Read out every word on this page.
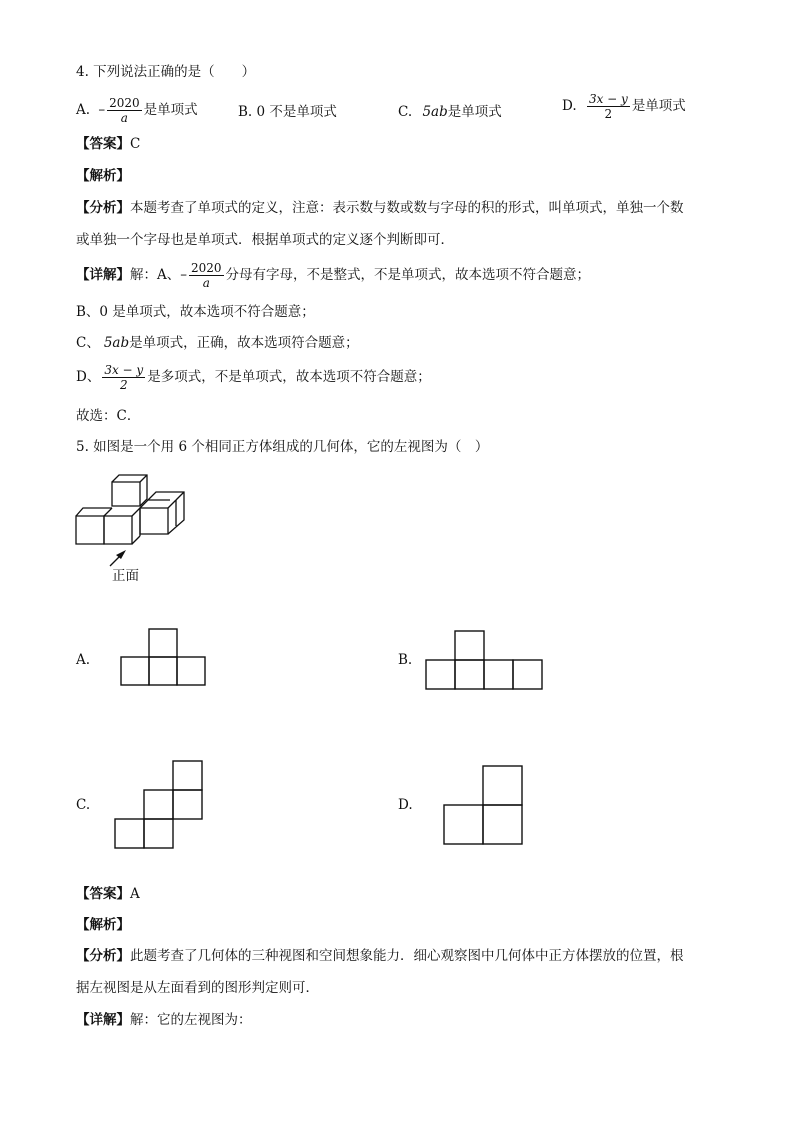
4. 下列说法正确的是（　　）
A. – $\frac{2020}{a}$ 是单项式	B. 0 不是单项式	C. 5ab是单项式	D. $\frac{3x - y}{2}$ 是单项式
【答案】C
【解析】
【分析】本题考查了单项式的定义，注意：表示数与数或数与字母的积的形式，叫单项式，单独一个数
或单独一个字母也是单项式．根据单项式的定义逐个判断即可．
【详解】解：A、– $\frac{2020}{a}$ 分母有字母，不是整式，不是单项式，故本选项不符合题意；
B、0 是单项式，故本选项不符合题意；
C、 5ab是单项式，正确，故本选项符合题意；
D、 $\frac{3x - y}{2}$ 是多项式，不是单项式，故本选项不符合题意；
故选：C．
5. 如图是一个用 6 个相同正方体组成的几何体，它的左视图为（　）
正面
A.	B.
C.	D.
【答案】A
【解析】
【分析】此题考查了几何体的三种视图和空间想象能力．细心观察图中几何体中正方体摆放的位置，根
据左视图是从左面看到的图形判定则可．
【详解】解：它的左视图为：
